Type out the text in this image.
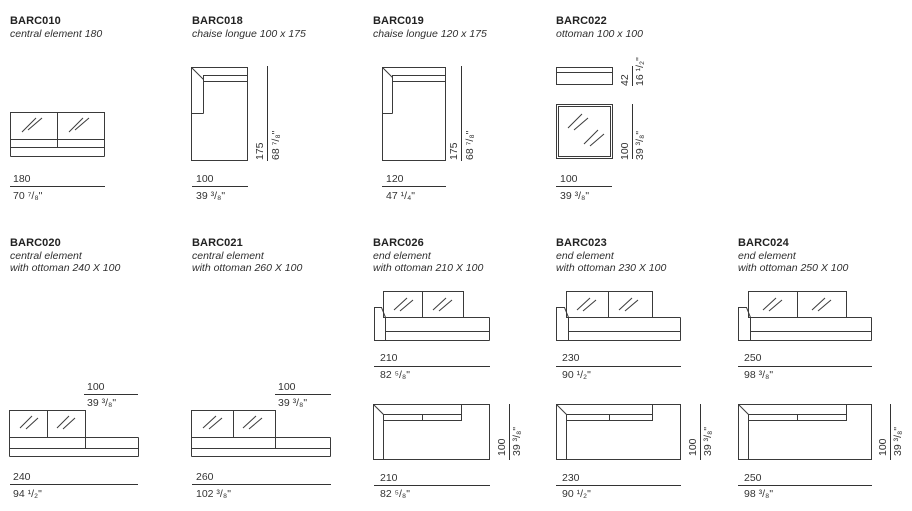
BARC010
central element 180
180
70 ⁷/₈"
BARC018
chaise longue 100 x 175
175 68 ⁷/₈"
100
39 ³/₈"
BARC019
chaise longue 120 x 175
175 68 ⁷/₈"
120
47 ¹/₄"
BARC022
ottoman 100 x 100
42 16 ¹/₂"
100 39 ³/₈"
100
39 ³/₈"
BARC020
central element
with ottoman 240 X 100
100
39 ³/₈"
240
94 ¹/₂"
BARC021
central element
with ottoman 260 X 100
100
39 ³/₈"
260
102 ³/₈"
BARC026
end element
with ottoman 210 X 100
210
82 ⁵/₈"
100 39 ³/₈"
210
82 ⁵/₈"
BARC023
end element
with ottoman 230 X 100
230
90 ¹/₂"
100 39 ³/₈"
230
90 ¹/₂"
BARC024
end element
with ottoman 250 X 100
250
98 ³/₈"
100 39 ³/₈"
250
98 ³/₈"
